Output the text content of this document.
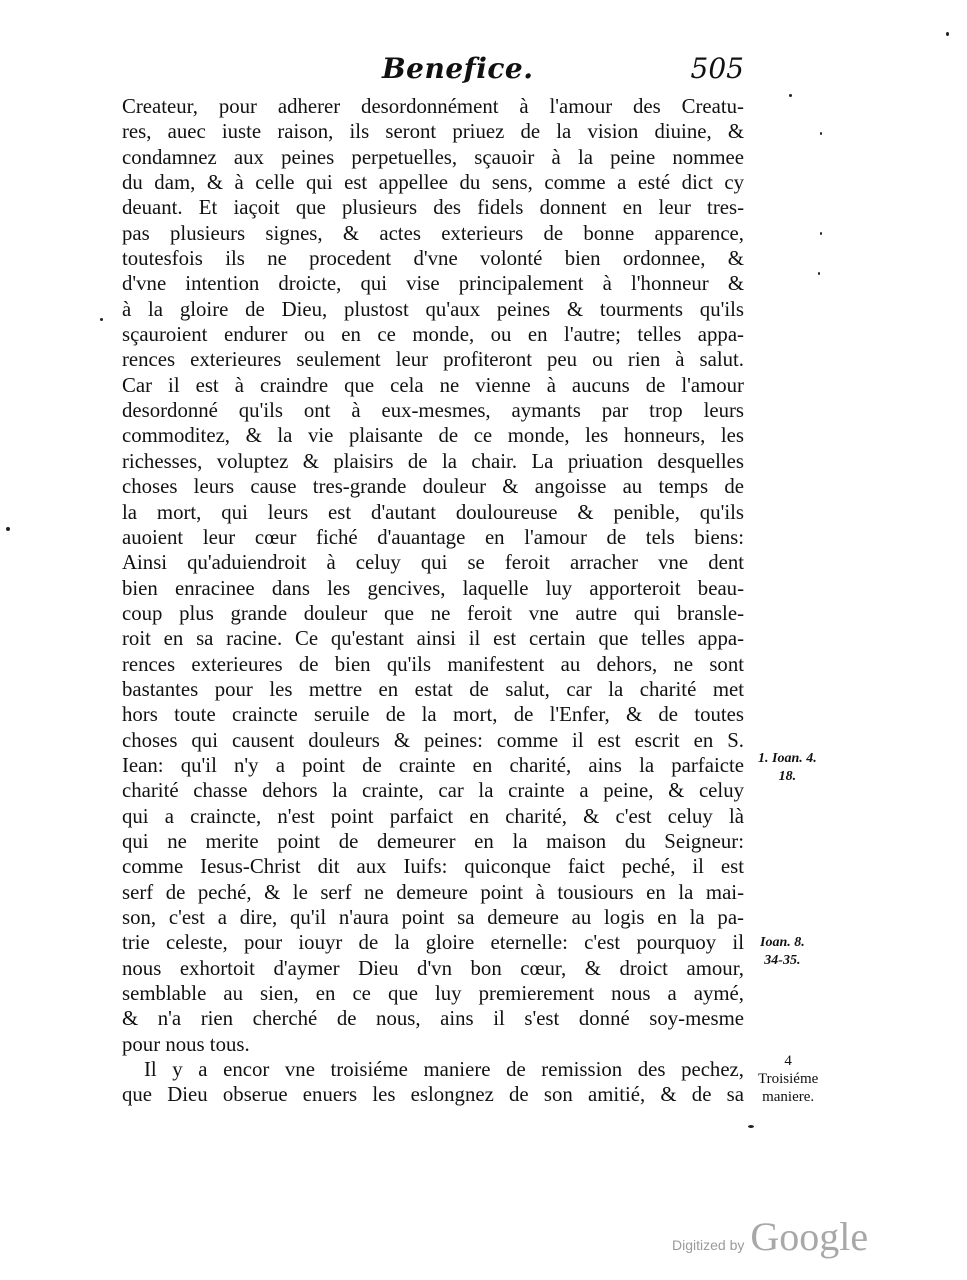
Benefice.	505
Createur, pour adherer desordonnément à l'amour des Creatu-
res, auec iuste raison, ils seront priuez de la vision diuine, &
condamnez aux peines perpetuelles, sçauoir à la peine nommee
du dam, & à celle qui est appellee du sens, comme a esté dict cy
deuant. Et iaçoit que plusieurs des fidels donnent en leur tres-
pas plusieurs signes, & actes exterieurs de bonne apparence,
toutesfois ils ne procedent d'vne volonté bien ordonnee, &
d'vne intention droicte, qui vise principalement à l'honneur &
à la gloire de Dieu, plustost qu'aux peines & tourments qu'ils
sçauroient endurer ou en ce monde, ou en l'autre; telles appa-
rences exterieures seulement leur profiteront peu ou rien à salut.
Car il est à craindre que cela ne vienne à aucuns de l'amour
desordonné qu'ils ont à eux-mesmes, aymants par trop leurs
commoditez, & la vie plaisante de ce monde, les honneurs, les
richesses, voluptez & plaisirs de la chair. La priuation desquelles
choses leurs cause tres-grande douleur & angoisse au temps de
la mort, qui leurs est d'autant douloureuse & penible, qu'ils
auoient leur cœur fiché d'auantage en l'amour de tels biens:
Ainsi qu'aduiendroit à celuy qui se feroit arracher vne dent
bien enracinee dans les gencives, laquelle luy apporteroit beau-
coup plus grande douleur que ne feroit vne autre qui bransle-
roit en sa racine. Ce qu'estant ainsi il est certain que telles appa-
rences exterieures de bien qu'ils manifestent au dehors, ne sont
bastantes pour les mettre en estat de salut, car la charité met
hors toute craincte seruile de la mort, de l'Enfer, & de toutes
choses qui causent douleurs & peines: comme il est escrit en S.
Iean: qu'il n'y a point de crainte en charité, ains la parfaicte
charité chasse dehors la crainte, car la crainte a peine, & celuy
qui a craincte, n'est point parfaict en charité, & c'est celuy là
qui ne merite point de demeurer en la maison du Seigneur:
comme Iesus-Christ dit aux Iuifs: quiconque faict peché, il est
serf de peché, & le serf ne demeure point à tousiours en la mai-
son, c'est a dire, qu'il n'aura point sa demeure au logis en la pa-
trie celeste, pour iouyr de la gloire eternelle: c'est pourquoy il
nous exhortoit d'aymer Dieu d'vn bon cœur, & droict amour,
semblable au sien, en ce que luy premierement nous a aymé,
& n'a rien cherché de nous, ains il s'est donné soy-mesme
pour nous tous.
Il y a encor vne troisiéme maniere de remission des pechez,
que Dieu obserue enuers les eslongnez de son amitié, & de sa
1. Ioan. 4.
18.
Ioan. 8.
34-35.
4
Troisiéme
maniere.
Digitized by Google
